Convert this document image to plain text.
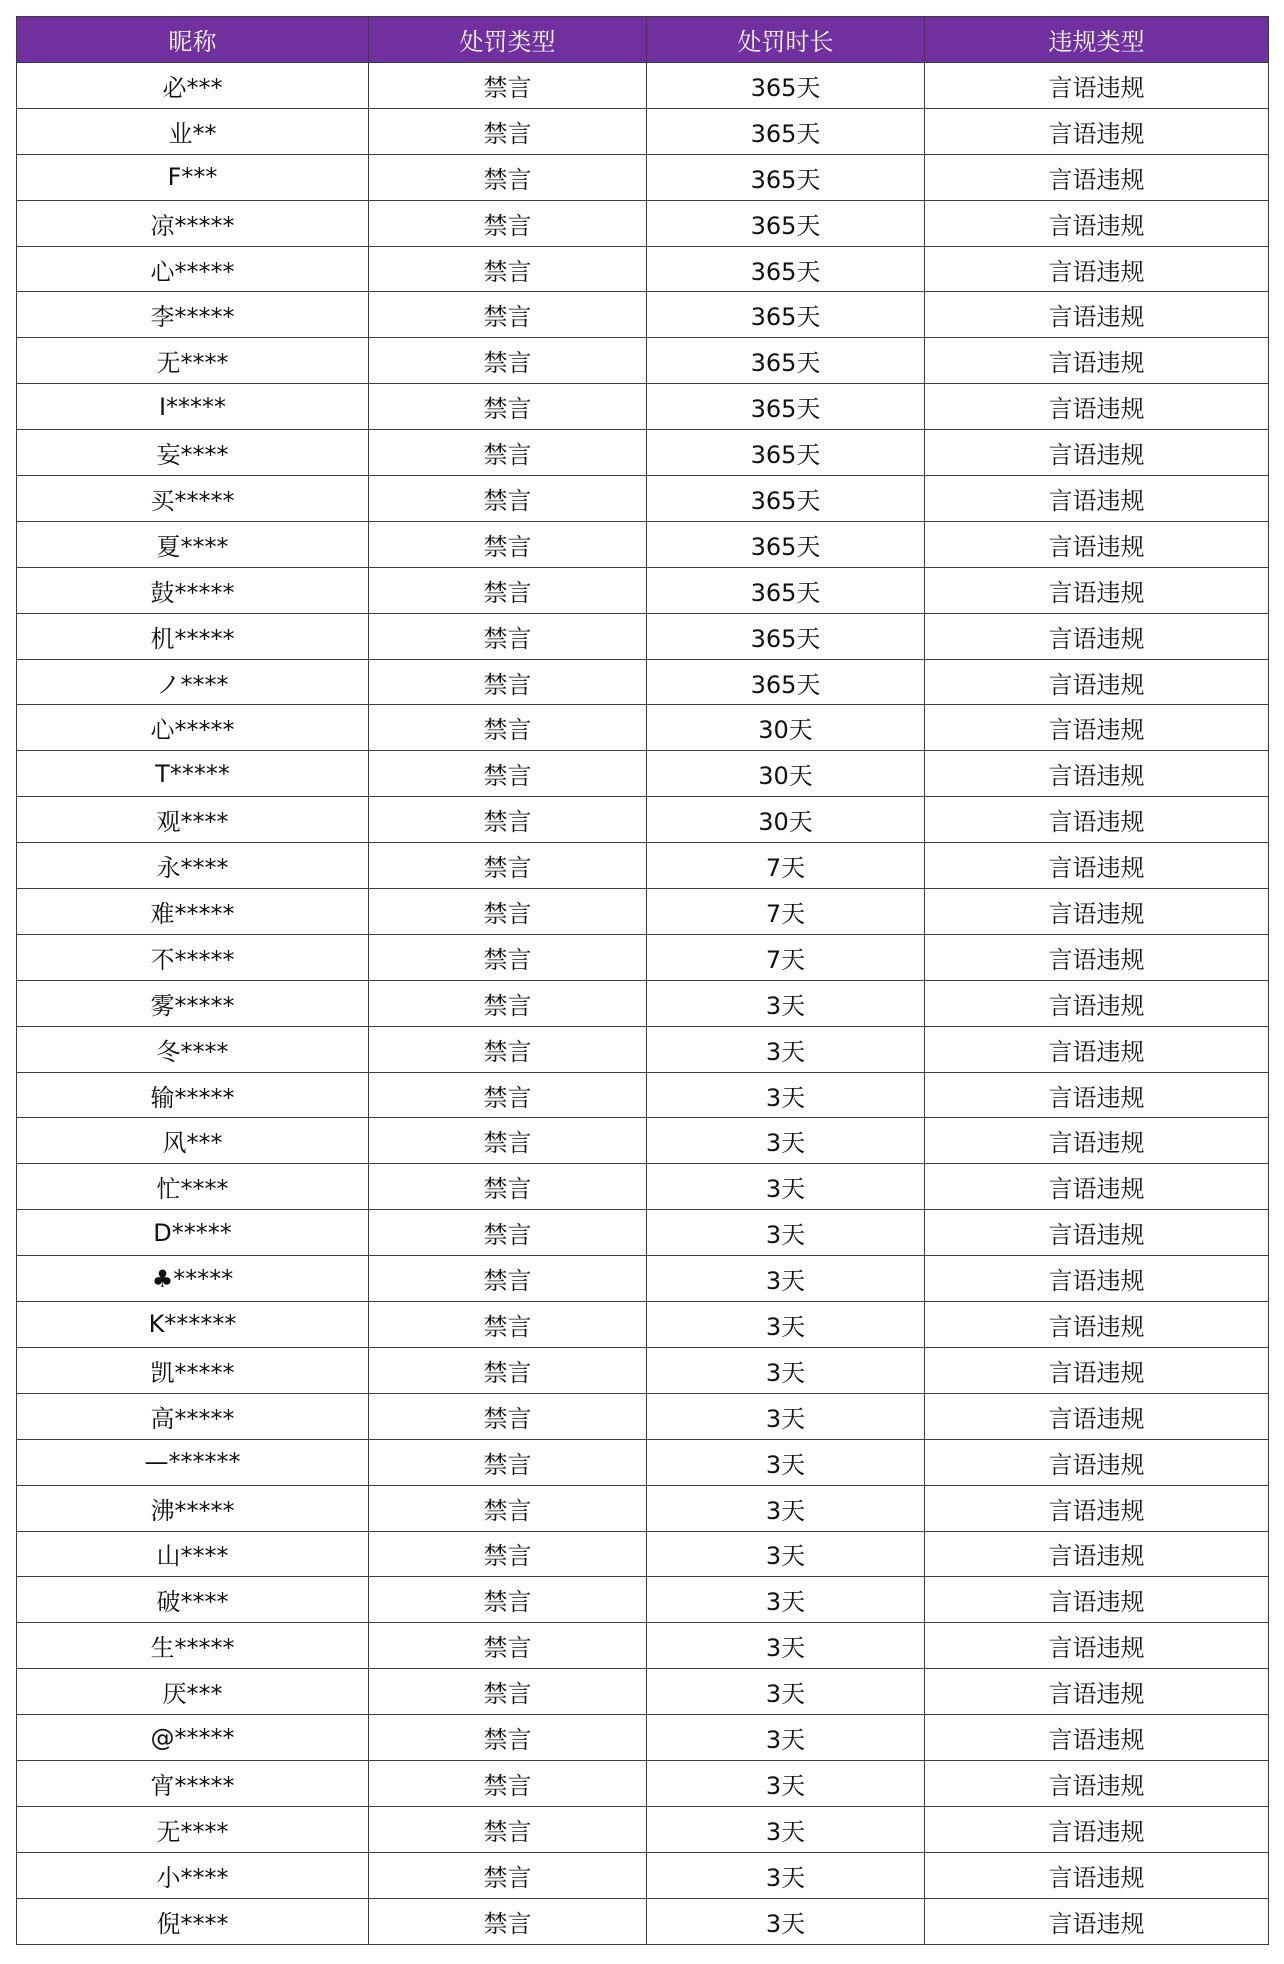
昵称	处罚类型	处罚时长	违规类型
必***	禁言	365天	言语违规
业**	禁言	365天	言语违规
F***	禁言	365天	言语违规
凉*****	禁言	365天	言语违规
心*****	禁言	365天	言语违规
李*****	禁言	365天	言语违规
无****	禁言	365天	言语违规
I*****	禁言	365天	言语违规
妄****	禁言	365天	言语违规
买*****	禁言	365天	言语违规
夏****	禁言	365天	言语违规
鼓*****	禁言	365天	言语违规
机*****	禁言	365天	言语违规
ノ****	禁言	365天	言语违规
心*****	禁言	30天	言语违规
T*****	禁言	30天	言语违规
观****	禁言	30天	言语违规
永****	禁言	7天	言语违规
难*****	禁言	7天	言语违规
不*****	禁言	7天	言语违规
雾*****	禁言	3天	言语违规
冬****	禁言	3天	言语违规
输*****	禁言	3天	言语违规
风***	禁言	3天	言语违规
忙****	禁言	3天	言语违规
D*****	禁言	3天	言语违规
♣*****	禁言	3天	言语违规
K******	禁言	3天	言语违规
凯*****	禁言	3天	言语违规
高*****	禁言	3天	言语违规
—******	禁言	3天	言语违规
沸*****	禁言	3天	言语违规
山****	禁言	3天	言语违规
破****	禁言	3天	言语违规
生*****	禁言	3天	言语违规
厌***	禁言	3天	言语违规
@*****	禁言	3天	言语违规
宵*****	禁言	3天	言语违规
无****	禁言	3天	言语违规
小****	禁言	3天	言语违规
倪****	禁言	3天	言语违规
